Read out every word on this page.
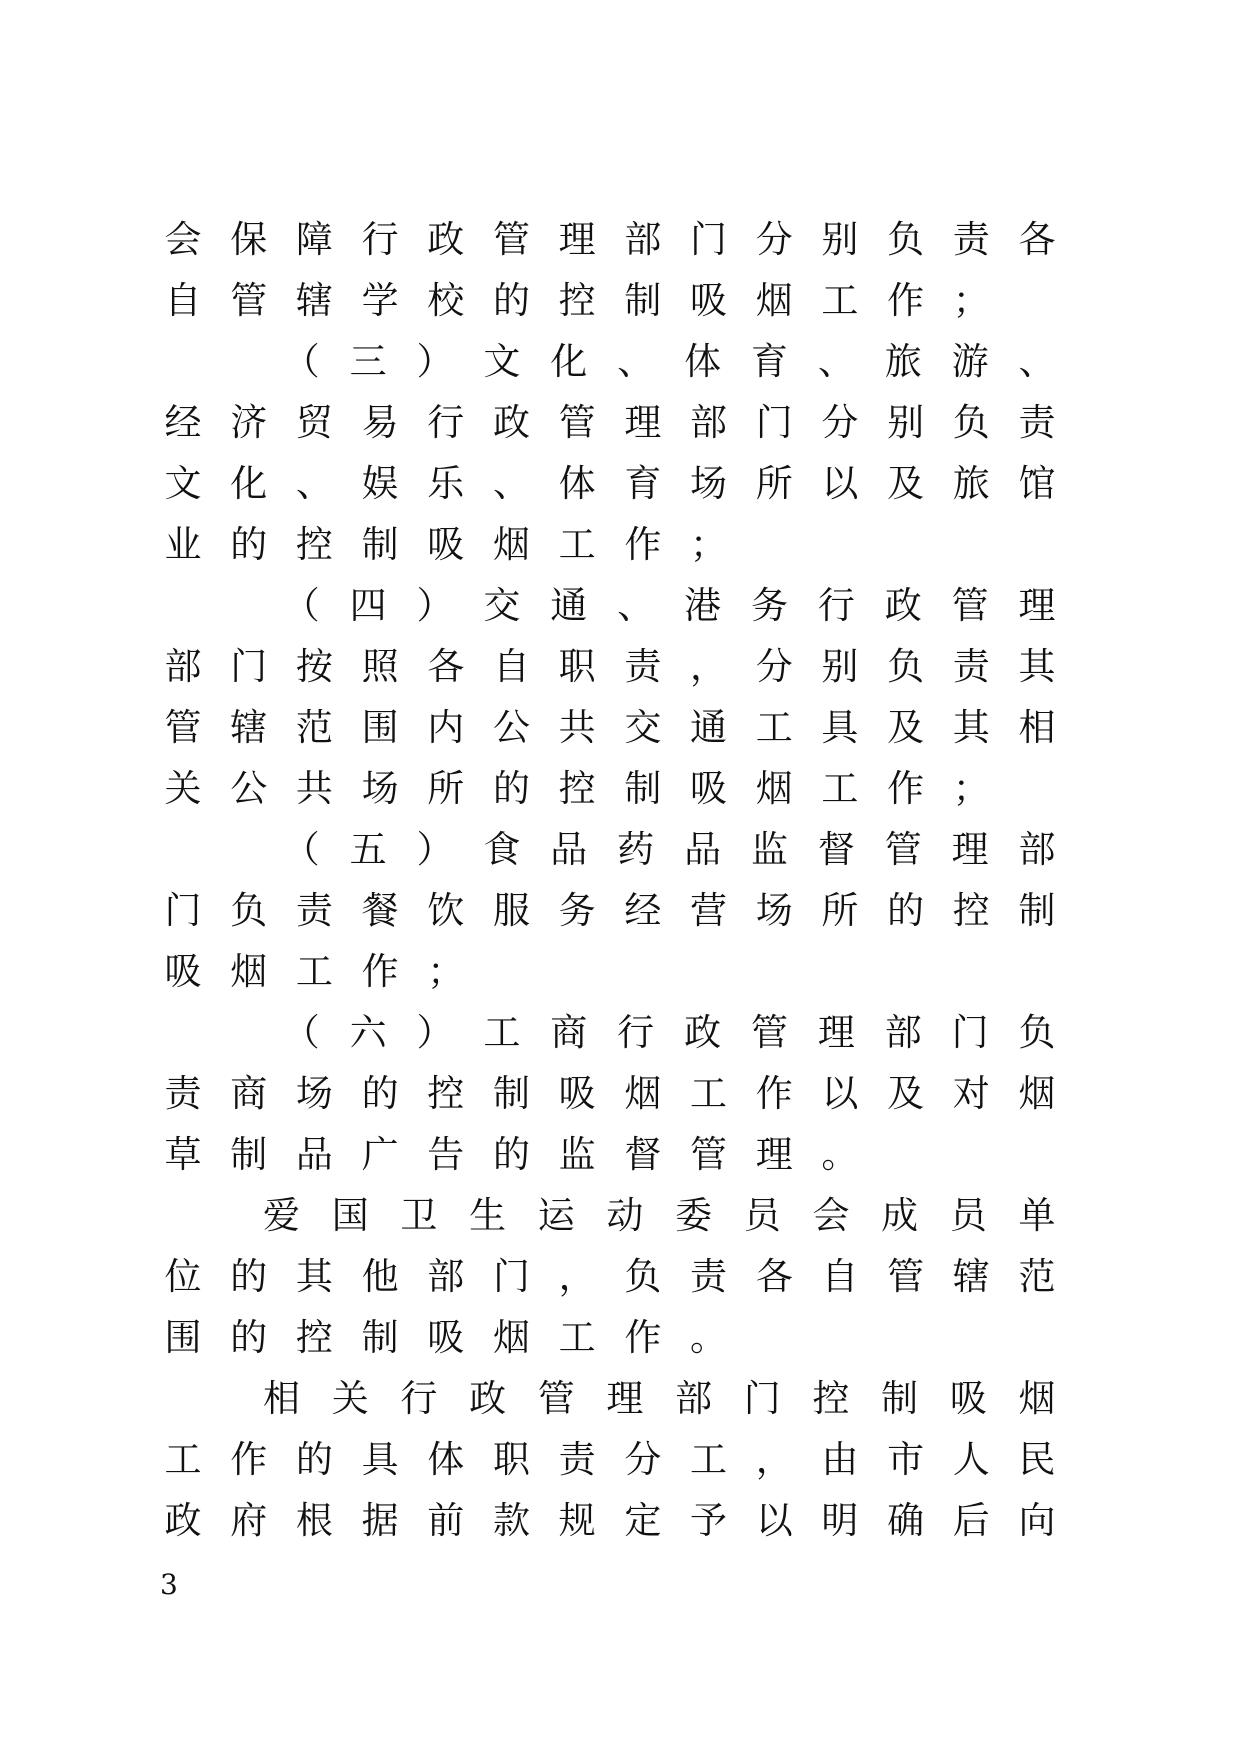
会 保 障 行 政 管 理 部 门 分 别 负 责 各
自 管 辖 学 校 的 控 制 吸 烟 工 作 ；
（ 三 ） 文 化 、 体 育 、 旅 游 、
经 济 贸 易 行 政 管 理 部 门 分 别 负 责
文 化 、 娱 乐 、 体 育 场 所 以 及 旅 馆
业 的 控 制 吸 烟 工 作 ；
（ 四 ） 交 通 、 港 务 行 政 管 理
部 门 按 照 各 自 职 责 ， 分 别 负 责 其
管 辖 范 围 内 公 共 交 通 工 具 及 其 相
关 公 共 场 所 的 控 制 吸 烟 工 作 ；
（ 五 ） 食 品 药 品 监 督 管 理 部
门 负 责 餐 饮 服 务 经 营 场 所 的 控 制
吸 烟 工 作 ；
（ 六 ） 工 商 行 政 管 理 部 门 负
责 商 场 的 控 制 吸 烟 工 作 以 及 对 烟
草 制 品 广 告 的 监 督 管 理 。
爱 国 卫 生 运 动 委 员 会 成 员 单
位 的 其 他 部 门 ， 负 责 各 自 管 辖 范
围 的 控 制 吸 烟 工 作 。
相 关 行 政 管 理 部 门 控 制 吸 烟
工 作 的 具 体 职 责 分 工 ， 由 市 人 民
政 府 根 据 前 款 规 定 予 以 明 确 后 向
3
